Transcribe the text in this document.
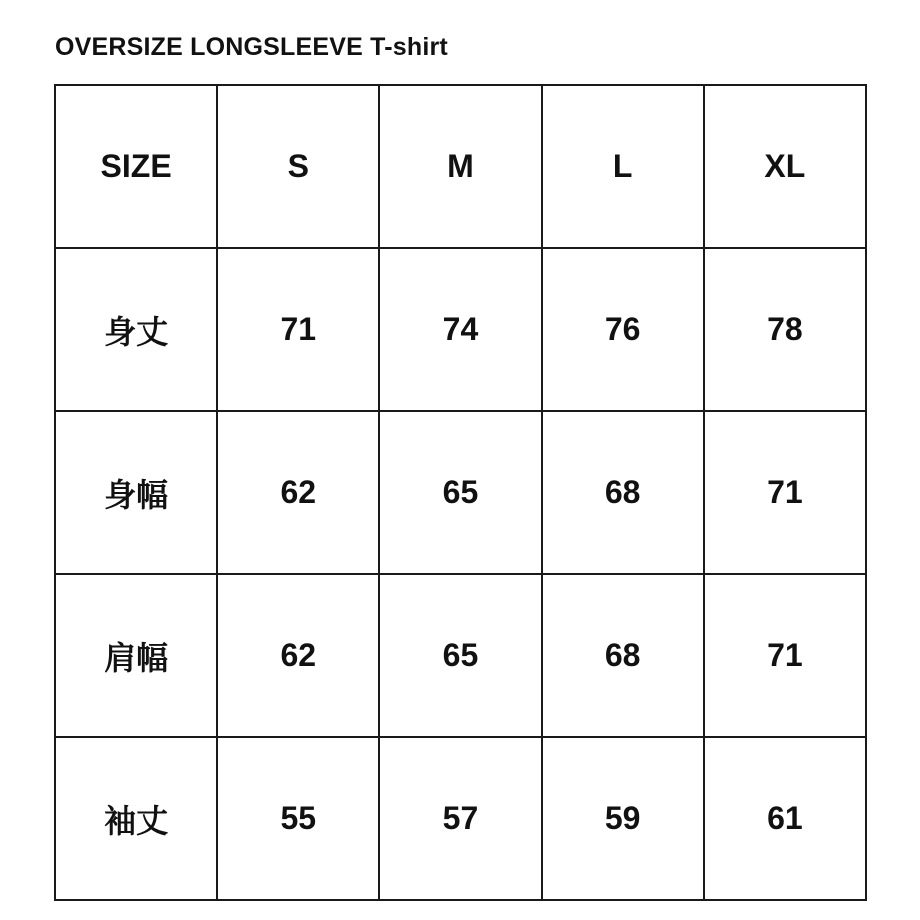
OVERSIZE LONGSLEEVE T-shirt
SIZE	S	M	L	XL
身丈	71	74	76	78
身幅	62	65	68	71
肩幅	62	65	68	71
袖丈	55	57	59	61
